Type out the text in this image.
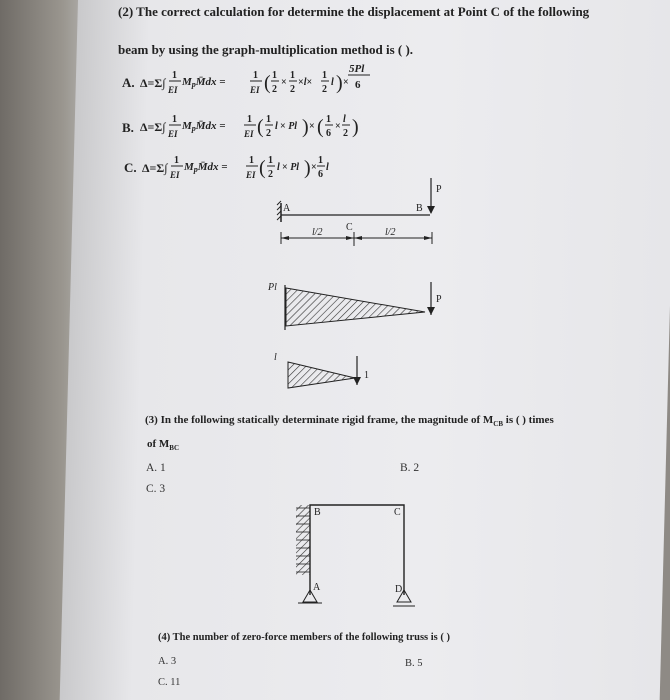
(2) The correct calculation for determine the displacement at Point C of the following
beam by using the graph-multiplication method is ( ).
A.
B.
C.
Δ=Σ∫
1
EI
MpM̄dx =
1
EI ( 1
2
×
1
2
×l×
1
2
l ) ×
5Pl
6
Δ=Σ∫
1
EI
MpM̄dx =
1
EI ( 1
2
l × Pl ) × ( 1
6
×
l
2 )
Δ=Σ∫
1
EI
MpM̄dx =
1
EI ( 1
2
l × Pl ) ×
1
6
l
A	B
C
P
l/2	l/2
Pl
P
l
1
(3) In the following statically determinate rigid frame, the magnitude of $M_{CB}$ is ( ) times
of $M_{BC}$
A. 1	B. 2
C. 3
B	C
A	D
(4) The number of zero-force members of the following truss is ( )
A. 3	B. 5
C. 11
